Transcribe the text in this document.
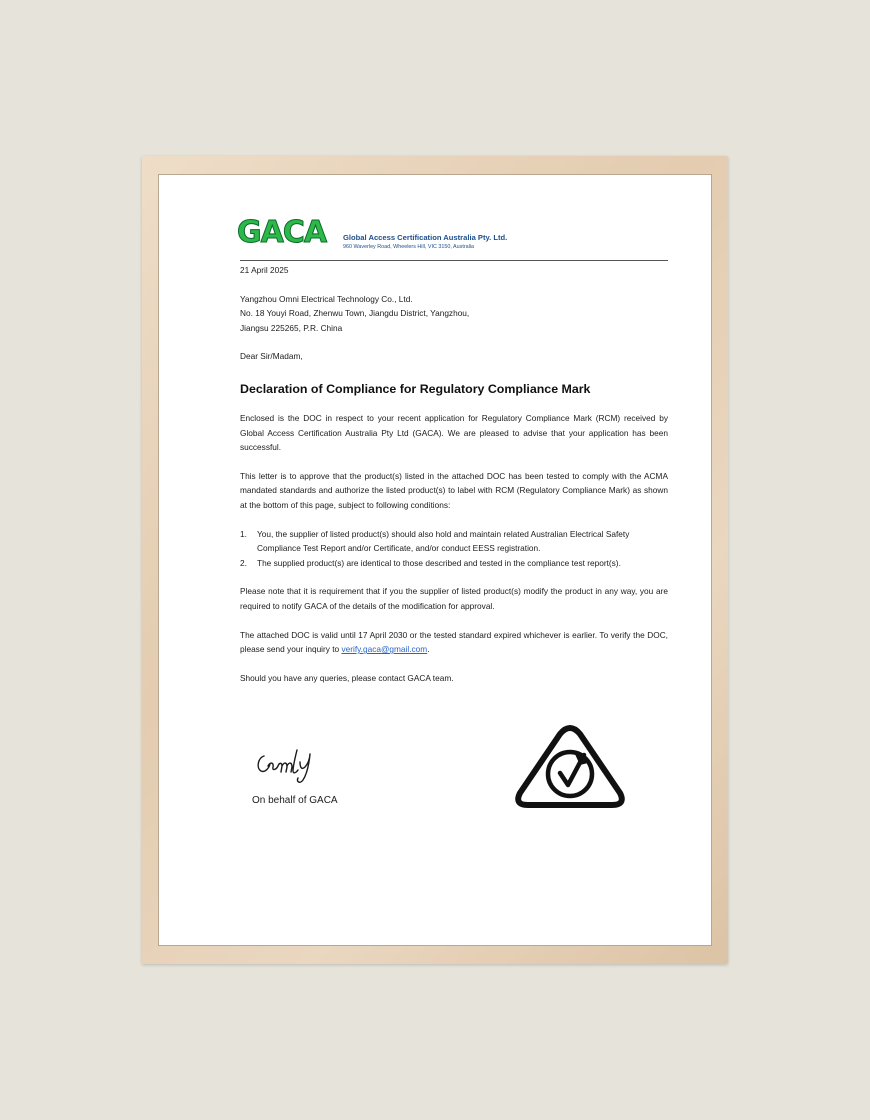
GACA Global Access Certification Australia Pty. Ltd.
960 Waverley Road, Wheelers Hill, VIC 3150, Australia
21 April 2025
Yangzhou Omni Electrical Technology Co., Ltd.
No. 18 Youyi Road, Zhenwu Town, Jiangdu District, Yangzhou,
Jiangsu 225265, P.R. China
Dear Sir/Madam,
Declaration of Compliance for Regulatory Compliance Mark

Enclosed is the DOC in respect to your recent application for Regulatory Compliance Mark (RCM) received by Global Access Certification Australia Pty Ltd (GACA). We are pleased to advise that your application has been successful.

This letter is to approve that the product(s) listed in the attached DOC has been tested to comply with the ACMA mandated standards and authorize the listed product(s) to label with RCM (Regulatory Compliance Mark) as shown at the bottom of this page, subject to following conditions:

1. You, the supplier of listed product(s) should also hold and maintain related Australian Electrical Safety Compliance Test Report and/or Certificate, and/or conduct EESS registration.
2. The supplied product(s) are identical to those described and tested in the compliance test report(s).

Please note that it is requirement that if you the supplier of listed product(s) modify the product in any way, you are required to notify GACA of the details of the modification for approval.

The attached DOC is valid until 17 April 2030 or the tested standard expired whichever is earlier. To verify the DOC, please send your inquiry to verify.gaca@gmail.com.

Should you have any queries, please contact GACA team.

On behalf of GACA
